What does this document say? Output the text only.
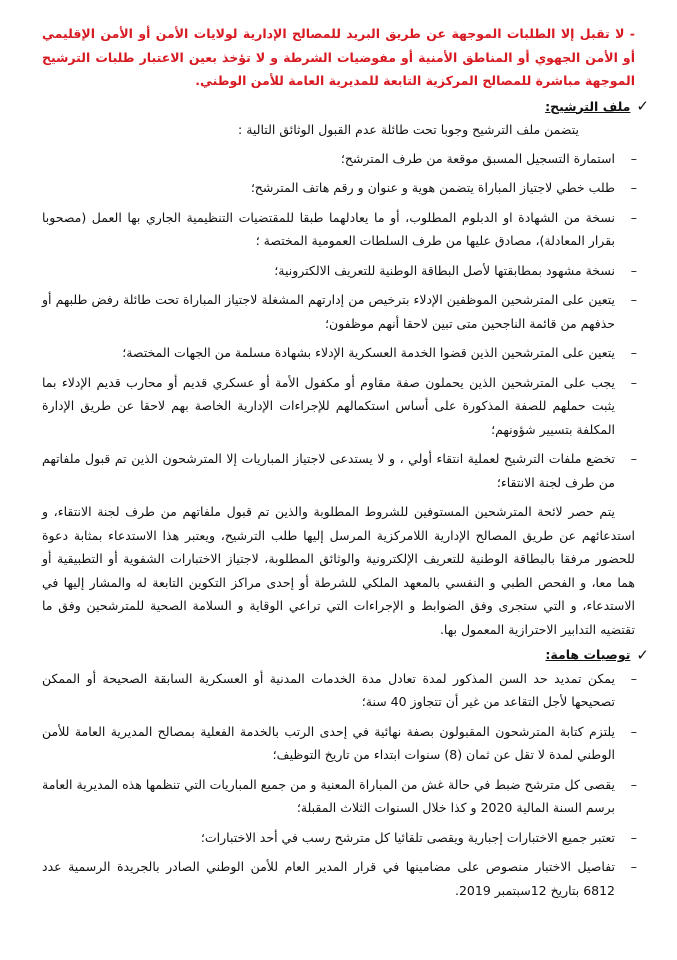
- لا تقبل إلا الطلبات الموجهة عن طريق البريد للمصالح الإدارية لولايات الأمن أو الأمن الإقليمي أو الأمن الجهوي أو المناطق الأمنية أو مفوضيات الشرطة و لا تؤخذ بعين الاعتبار طلبات الترشيح الموجهة مباشرة للمصالح المركزية التابعة للمديرية العامة للأمن الوطني.
✓
ملف الترشيح:
يتضمن ملف الترشيح وجوبا تحت طائلة عدم القبول الوثائق التالية :
–
استمارة التسجيل المسبق موقعة من طرف المترشح؛
–
طلب خطي لاجتياز المباراة يتضمن هوية و عنوان و رقم هاتف المترشح؛
–
نسخة من الشهادة او الدبلوم المطلوب، أو ما يعادلهما طبقا للمقتضيات التنظيمية الجاري بها العمل (مصحوبا بقرار المعادلة)، مصادق عليها من طرف السلطات العمومية المختصة ؛
–
نسخة مشهود بمطابقتها لأصل البطاقة الوطنية للتعريف الالكترونية؛
–
يتعين على المترشحين الموظفين الإدلاء بترخيص من إدارتهم المشغلة لاجتياز المباراة تحت طائلة رفض طلبهم أو حذفهم من قائمة الناجحين متى تبين لاحقا أنهم موظفون؛
–
يتعين على المترشحين الذين قضوا الخدمة العسكرية الإدلاء بشهادة مسلمة من الجهات المختصة؛
–
يجب على المترشحين الذين يحملون صفة مقاوم أو مكفول الأمة أو عسكري قديم أو محارب قديم الإدلاء بما يثبت حملهم للصفة المذكورة على أساس استكمالهم للإجراءات الإدارية الخاصة بهم لاحقا عن طريق الإدارة المكلفة بتسيير شؤونهم؛
–
تخضع ملفات الترشيح لعملية انتقاء أولي ، و لا يستدعى لاجتياز المباريات إلا المترشحون الذين تم قبول ملفاتهم من طرف لجنة الانتقاء؛
يتم حصر لائحة المترشحين المستوفين للشروط المطلوبة والذين تم قبول ملفاتهم من طرف لجنة الانتقاء، و استدعائهم عن طريق المصالح الإدارية اللامركزية المرسل إليها طلب الترشيح، ويعتبر هذا الاستدعاء بمثابة دعوة للحضور مرفقا بالبطاقة الوطنية للتعريف الإلكترونية والوثائق المطلوبة، لاجتياز الاختبارات الشفوية أو التطبيقية أو هما معا، و الفحص الطبي و النفسي بالمعهد الملكي للشرطة أو إحدى مراكز التكوين التابعة له والمشار إليها في الاستدعاء، و التي ستجرى وفق الضوابط و الإجراءات التي تراعي الوقاية و السلامة الصحية للمترشحين وفق ما تقتضيه التدابير الاحترازية المعمول بها.
✓
توصيات هامة:
–
يمكن تمديد حد السن المذكور لمدة تعادل مدة الخدمات المدنية أو العسكرية السابقة الصحيحة أو الممكن تصحيحها لأجل التقاعد من غير أن تتجاوز 40 سنة؛
–
يلتزم كتابة المترشحون المقبولون بصفة نهائية في إحدى الرتب بالخدمة الفعلية بمصالح المديرية العامة للأمن الوطني لمدة لا تقل عن ثمان (8) سنوات ابتداء من تاريخ التوظيف؛
–
يقصى كل مترشح ضبط في حالة غش من المباراة المعنية و من جميع المباريات التي تنظمها هذه المديرية العامة برسم السنة المالية 2020 و كذا خلال السنوات الثلاث المقبلة؛
–
تعتبر جميع الاختبارات إجبارية ويقصى تلقائيا كل مترشح رسب في أحد الاختبارات؛
–
تفاصيل الاختبار منصوص على مضامينها في قرار المدير العام للأمن الوطني الصادر بالجريدة الرسمية عدد 6812 بتاريخ 12سبتمبر 2019.
